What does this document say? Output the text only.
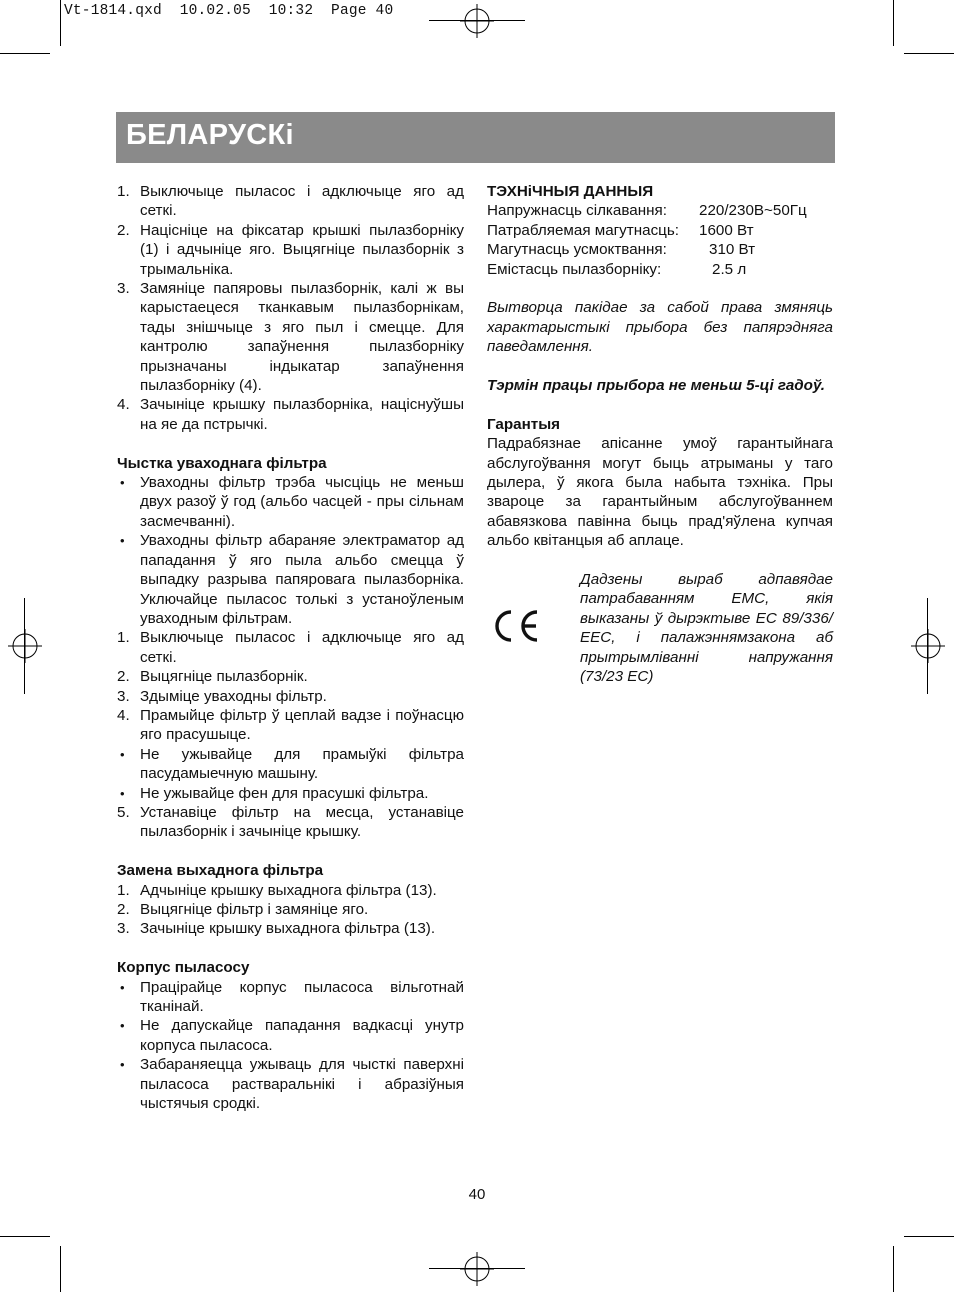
Vt-1814.qxd  10.02.05  10:32  Page 40
БЕЛАРУСКi
1. Выключыце пыласос і адключыце яго ад сеткі.
2. Націсніце на фіксатар крышкі пылазборніку (1) і адчыніце яго. Выцягніце пылазборнік з трымальніка.
3. Замяніце папяровы пылазборнік, калі ж вы карыстаецеся тканкавым пылазборнікам, тады знішчыце з яго пыл і смецце. Для кантролю запаўнення пылазборніку прызначаны індыкатар запаўнення пылазборніку (4).
4. Зачыніце крышку пылазборніка, націснуўшы на яе да пстрычкі.
Чыстка уваходнага фільтра
•	Уваходны фільтр трэба чысціць не меньш двух разоў ў год (альбо часцей - пры сільнам засмечванні).
•	Уваходны фільтр абараняе электраматор ад пападання ў яго пыла альбо смецца ў выпадку разрыва папяровага пылазборніка. Уключайце пыласос толькі з устаноўленым уваходным фільтрам.
1. Выключыце пыласос і адключыце яго ад сеткі.
2. Выцягніце пылазборнік.
3. Здыміце уваходны фільтр.
4. Прамыйце фільтр ў цеплай вадзе і поўнасцю яго прасушыце.
•	Не ужывайце для прамыўкі фільтра пасудамыечную машыну.
•	Не ужывайце фен для прасушкі фільтра.
5. Устанавіце фільтр на месца, устанавіце пылазборнік і зачыніце крышку.
Замена выхаднога фільтра
1. Адчыніце крышку выхаднога фільтра (13).
2. Выцягніце фільтр і замяніце яго.
3. Зачыніце крышку выхаднога фільтра (13).
Корпус пыласосу
•	Працірайце корпус пыласоса вільготнай тканінай.
•	Не дапускайце пападання вадкасці унутр корпуса пыласоса.
•	Забараняецца ужываць для чысткі паверхні пыласоса растваральнікі і абразіўныя чыстячыя сродкі.
ТЭХНiЧНЫЯ ДАННЫЯ
Напружнасць сілкавання:	220/230В~50Гц
Патрабляемая магутнасць:	1600 Вт
Магутнасць усмоктвання:	310 Вт
Емістасць пылазборніку:	2.5 л
Вытворца пакідае за сабой права змяняць характарыстыкі прыбора без папярэдняга паведамлення.
Тэрмін працы прыбора не меньш 5-ці гадоў.
Гарантыя
Падрабязнае апісанне умоў гарантыйнага абслугоўвання могут быць атрыманы у таго дылера, ў якога была набыта тэхніка. Пры звароце за гарантыйным абслугоўваннем абавязкова павінна быць прад'яўлена купчая альбо квітанцыя аб аплаце.
Дадзены выраб адпавядае патрабаванням ЕМС, якія выказаны ў дырэктыве ЕС 89/336/ЕЕС, і палажэннямзакона аб прытрымліванні напружання (73/23 ЕС)
40
